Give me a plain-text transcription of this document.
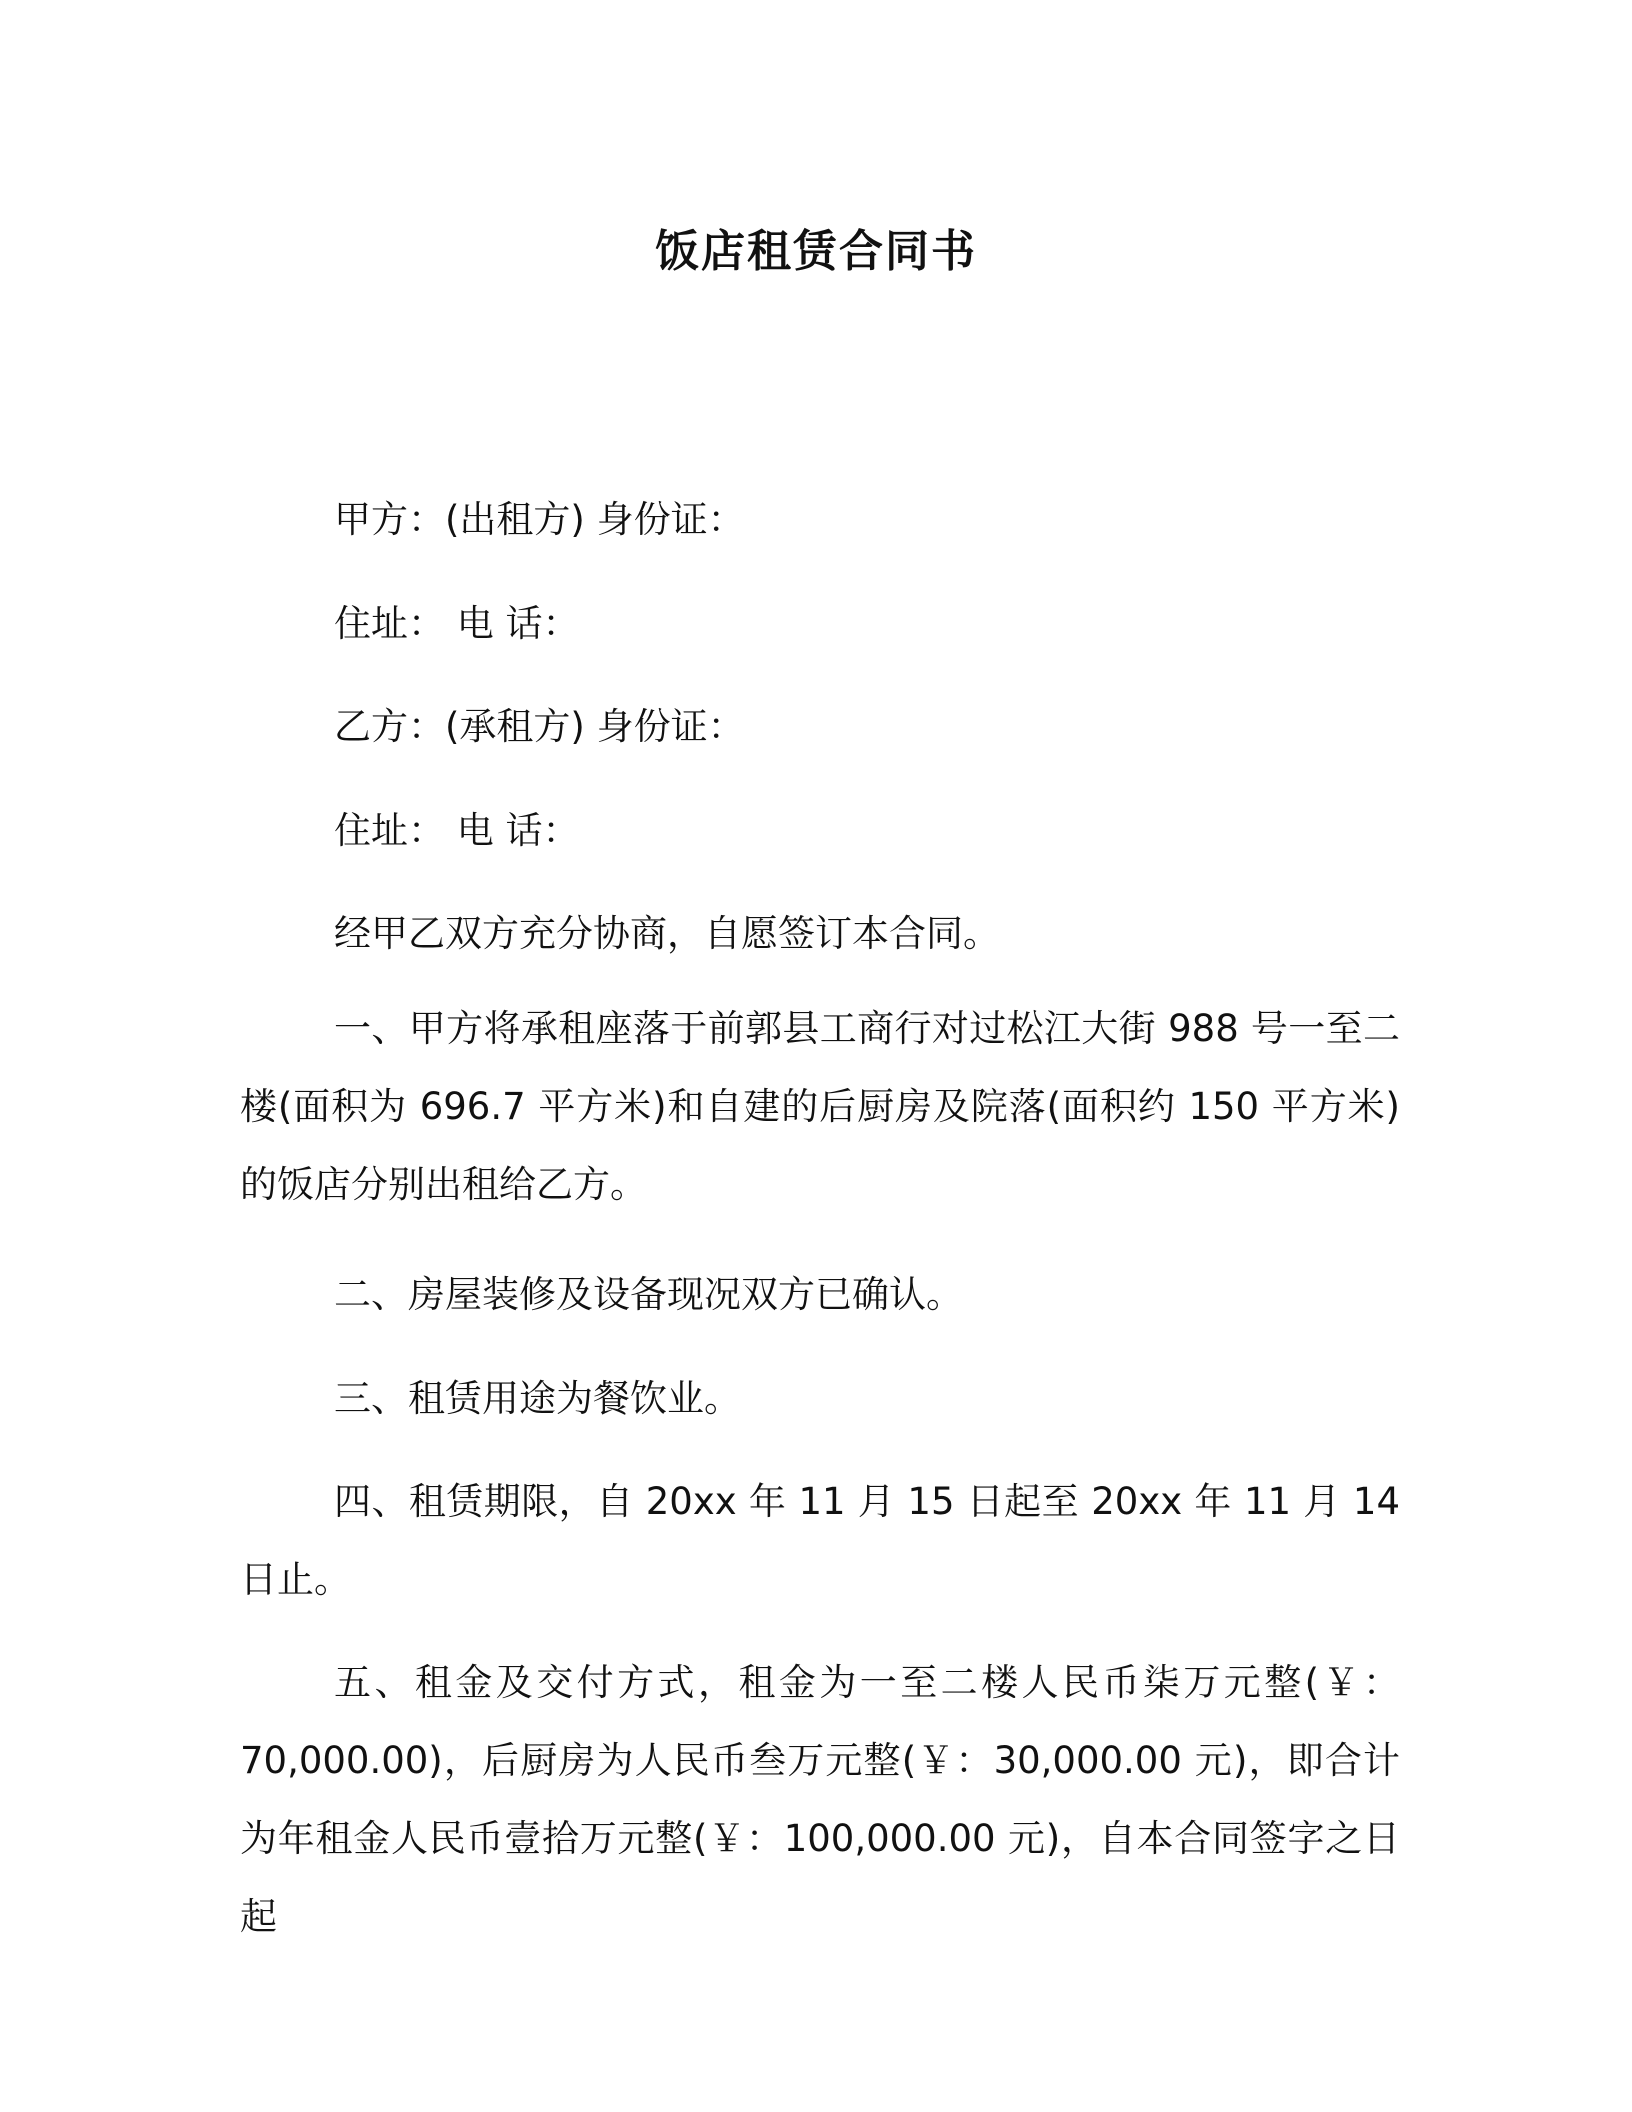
饭店租赁合同书
甲方：(出租方) 身份证：
住址： 电 话：
乙方：(承租方) 身份证：
住址： 电 话：
经甲乙双方充分协商，自愿签订本合同。
一、甲方将承租座落于前郭县工商行对过松江大街 988 号一至二楼(面积为 696.7 平方米)和自建的后厨房及院落(面积约 150 平方米)的饭店分别出租给乙方。
二、房屋装修及设备现况双方已确认。
三、租赁用途为餐饮业。
四、租赁期限，自 20xx 年 11 月 15 日起至 20xx 年 11 月 14 日止。
五、租金及交付方式，租金为一至二楼人民币柒万元整(￥：70,000.00)，后厨房为人民币叁万元整(￥：30,000.00 元)，即合计为年租金人民币壹拾万元整(￥：100,000.00 元)，自本合同签字之日起
